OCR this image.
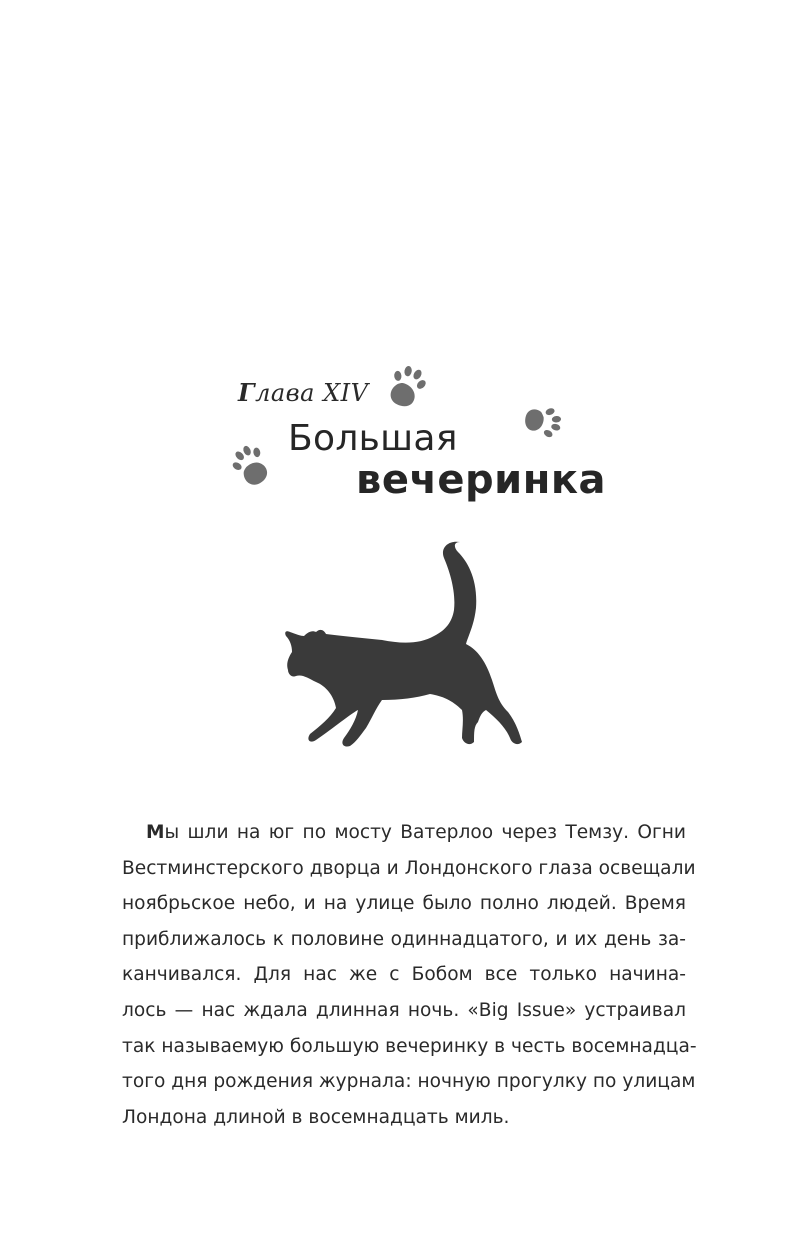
Глава XIV
Большая
вечеринка
Мы шли на юг по мосту Ватерлоо через Темзу. Огни
Вестминстерского дворца и Лондонского глаза освещали
ноябрьское небо, и на улице было полно людей. Время
приближалось к половине одиннадцатого, и их день за-
канчивался. Для нас же с Бобом все только начина-
лось — нас ждала длинная ночь. «Big Issue» устраивал
так называемую большую вечеринку в честь восемнадца-
того дня рождения журнала: ночную прогулку по улицам
Лондона длиной в восемнадцать миль.
